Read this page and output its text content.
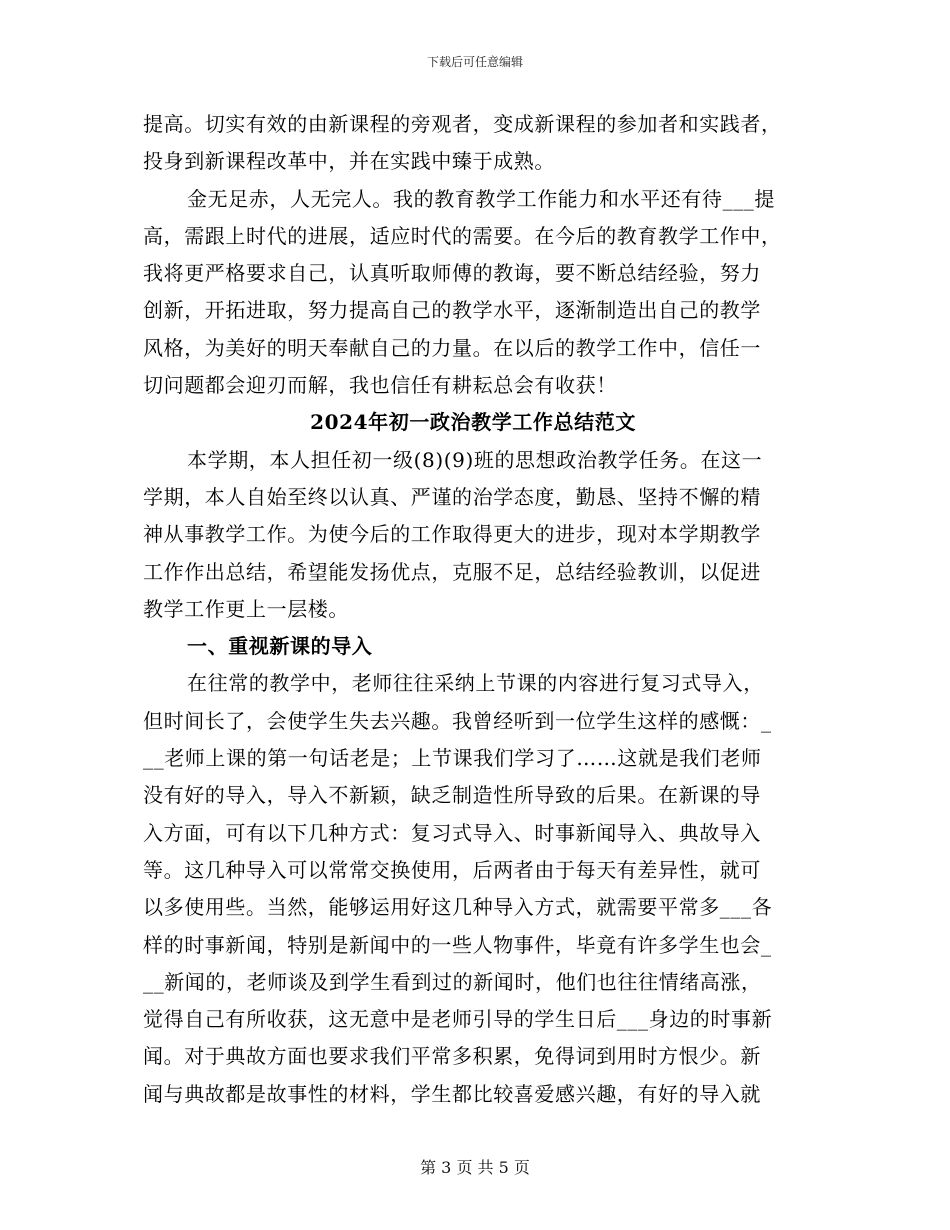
下载后可任意编辑
提高。切实有效的由新课程的旁观者，变成新课程的参加者和实践者，
投身到新课程改革中，并在实践中臻于成熟。
金无足赤，人无完人。我的教育教学工作能力和水平还有待___提
高，需跟上时代的进展，适应时代的需要。在今后的教育教学工作中，
我将更严格要求自己，认真听取师傅的教诲，要不断总结经验，努力
创新，开拓进取，努力提高自己的教学水平，逐渐制造出自己的教学
风格，为美好的明天奉献自己的力量。在以后的教学工作中，信任一
切问题都会迎刃而解，我也信任有耕耘总会有收获！
2024年初一政治教学工作总结范文
本学期，本人担任初一级(8)(9)班的思想政治教学任务。在这一
学期，本人自始至终以认真、严谨的治学态度，勤恳、坚持不懈的精
神从事教学工作。为使今后的工作取得更大的进步，现对本学期教学
工作作出总结，希望能发扬优点，克服不足，总结经验教训，以促进
教学工作更上一层楼。
一、重视新课的导入
在往常的教学中，老师往往采纳上节课的内容进行复习式导入，
但时间长了，会使学生失去兴趣。我曾经听到一位学生这样的感慨：_
__老师上课的第一句话老是；上节课我们学习了……这就是我们老师
没有好的导入，导入不新颖，缺乏制造性所导致的后果。在新课的导
入方面，可有以下几种方式：复习式导入、时事新闻导入、典故导入
等。这几种导入可以常常交换使用，后两者由于每天有差异性，就可
以多使用些。当然，能够运用好这几种导入方式，就需要平常多___各
样的时事新闻，特别是新闻中的一些人物事件，毕竟有许多学生也会_
__新闻的，老师谈及到学生看到过的新闻时，他们也往往情绪高涨，
觉得自己有所收获，这无意中是老师引导的学生日后___身边的时事新
闻。对于典故方面也要求我们平常多积累，免得词到用时方恨少。新
闻与典故都是故事性的材料，学生都比较喜爱感兴趣，有好的导入就
第 3 页 共 5 页
